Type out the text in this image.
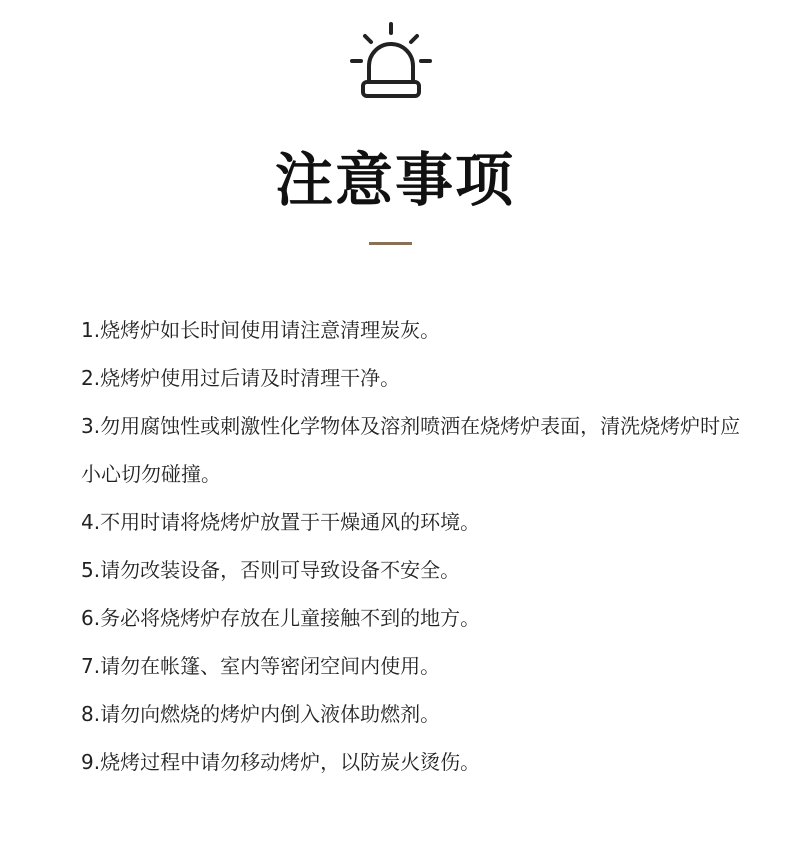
注意事项
1.烧烤炉如长时间使用请注意清理炭灰。
2.烧烤炉使用过后请及时清理干净。
3.勿用腐蚀性或刺激性化学物体及溶剂喷洒在烧烤炉表面，清洗烧烤炉时应小心切勿碰撞。
4.不用时请将烧烤炉放置于干燥通风的环境。
5.请勿改装设备，否则可导致设备不安全。
6.务必将烧烤炉存放在儿童接触不到的地方。
7.请勿在帐篷、室内等密闭空间内使用。
8.请勿向燃烧的烤炉内倒入液体助燃剂。
9.烧烤过程中请勿移动烤炉，以防炭火烫伤。
